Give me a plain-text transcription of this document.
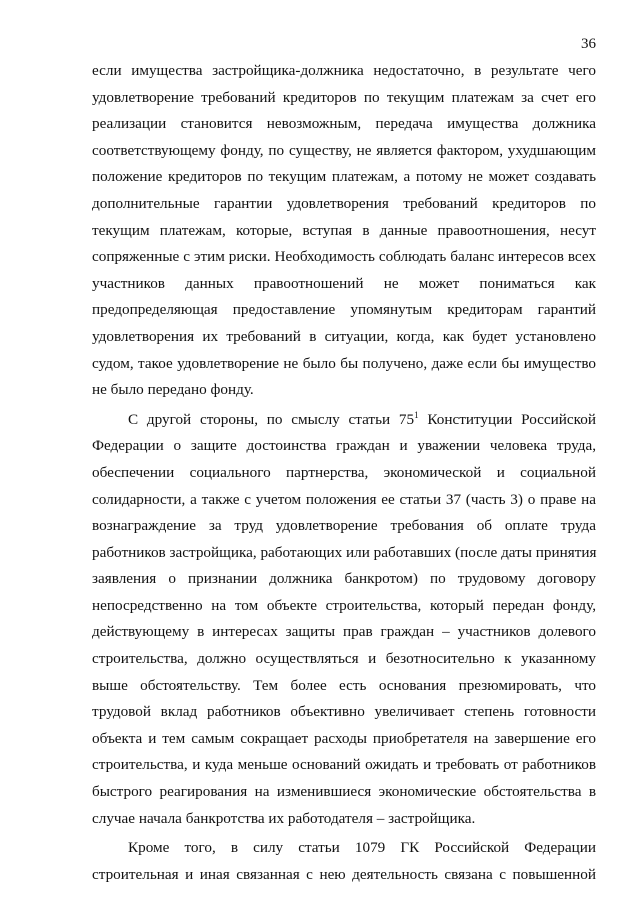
36
если имущества застройщика-должника недостаточно, в результате чего
удовлетворение требований кредиторов по текущим платежам за счет его
реализации становится невозможным, передача имущества должника
соответствующему фонду, по существу, не является фактором, ухудшающим
положение кредиторов по текущим платежам, а потому не может создавать
дополнительные гарантии удовлетворения требований кредиторов по
текущим платежам, которые, вступая в данные правоотношения, несут
сопряженные с этим риски. Необходимость соблюдать баланс интересов всех
участников данных правоотношений не может пониматься как
предопределяющая предоставление упомянутым кредиторам гарантий
удовлетворения их требований в ситуации, когда, как будет установлено
судом, такое удовлетворение не было бы получено, даже если бы имущество
не было передано фонду.
С другой стороны, по смыслу статьи $75^1$ Конституции Российской
Федерации о защите достоинства граждан и уважении человека труда,
обеспечении социального партнерства, экономической и социальной
солидарности, а также с учетом положения ее статьи 37 (часть 3) о праве на
вознаграждение за труд удовлетворение требования об оплате труда
работников застройщика, работающих или работавших (после даты принятия
заявления о признании должника банкротом) по трудовому договору
непосредственно на том объекте строительства, который передан фонду,
действующему в интересах защиты прав граждан – участников долевого
строительства, должно осуществляться и безотносительно к указанному
выше обстоятельству. Тем более есть основания презюмировать, что
трудовой вклад работников объективно увеличивает степень готовности
объекта и тем самым сокращает расходы приобретателя на завершение его
строительства, и куда меньше оснований ожидать и требовать от работников
быстрого реагирования на изменившиеся экономические обстоятельства в
случае начала банкротства их работодателя – застройщика.
Кроме того, в силу статьи 1079 ГК Российской Федерации
строительная и иная связанная с нею деятельность связана с повышенной
